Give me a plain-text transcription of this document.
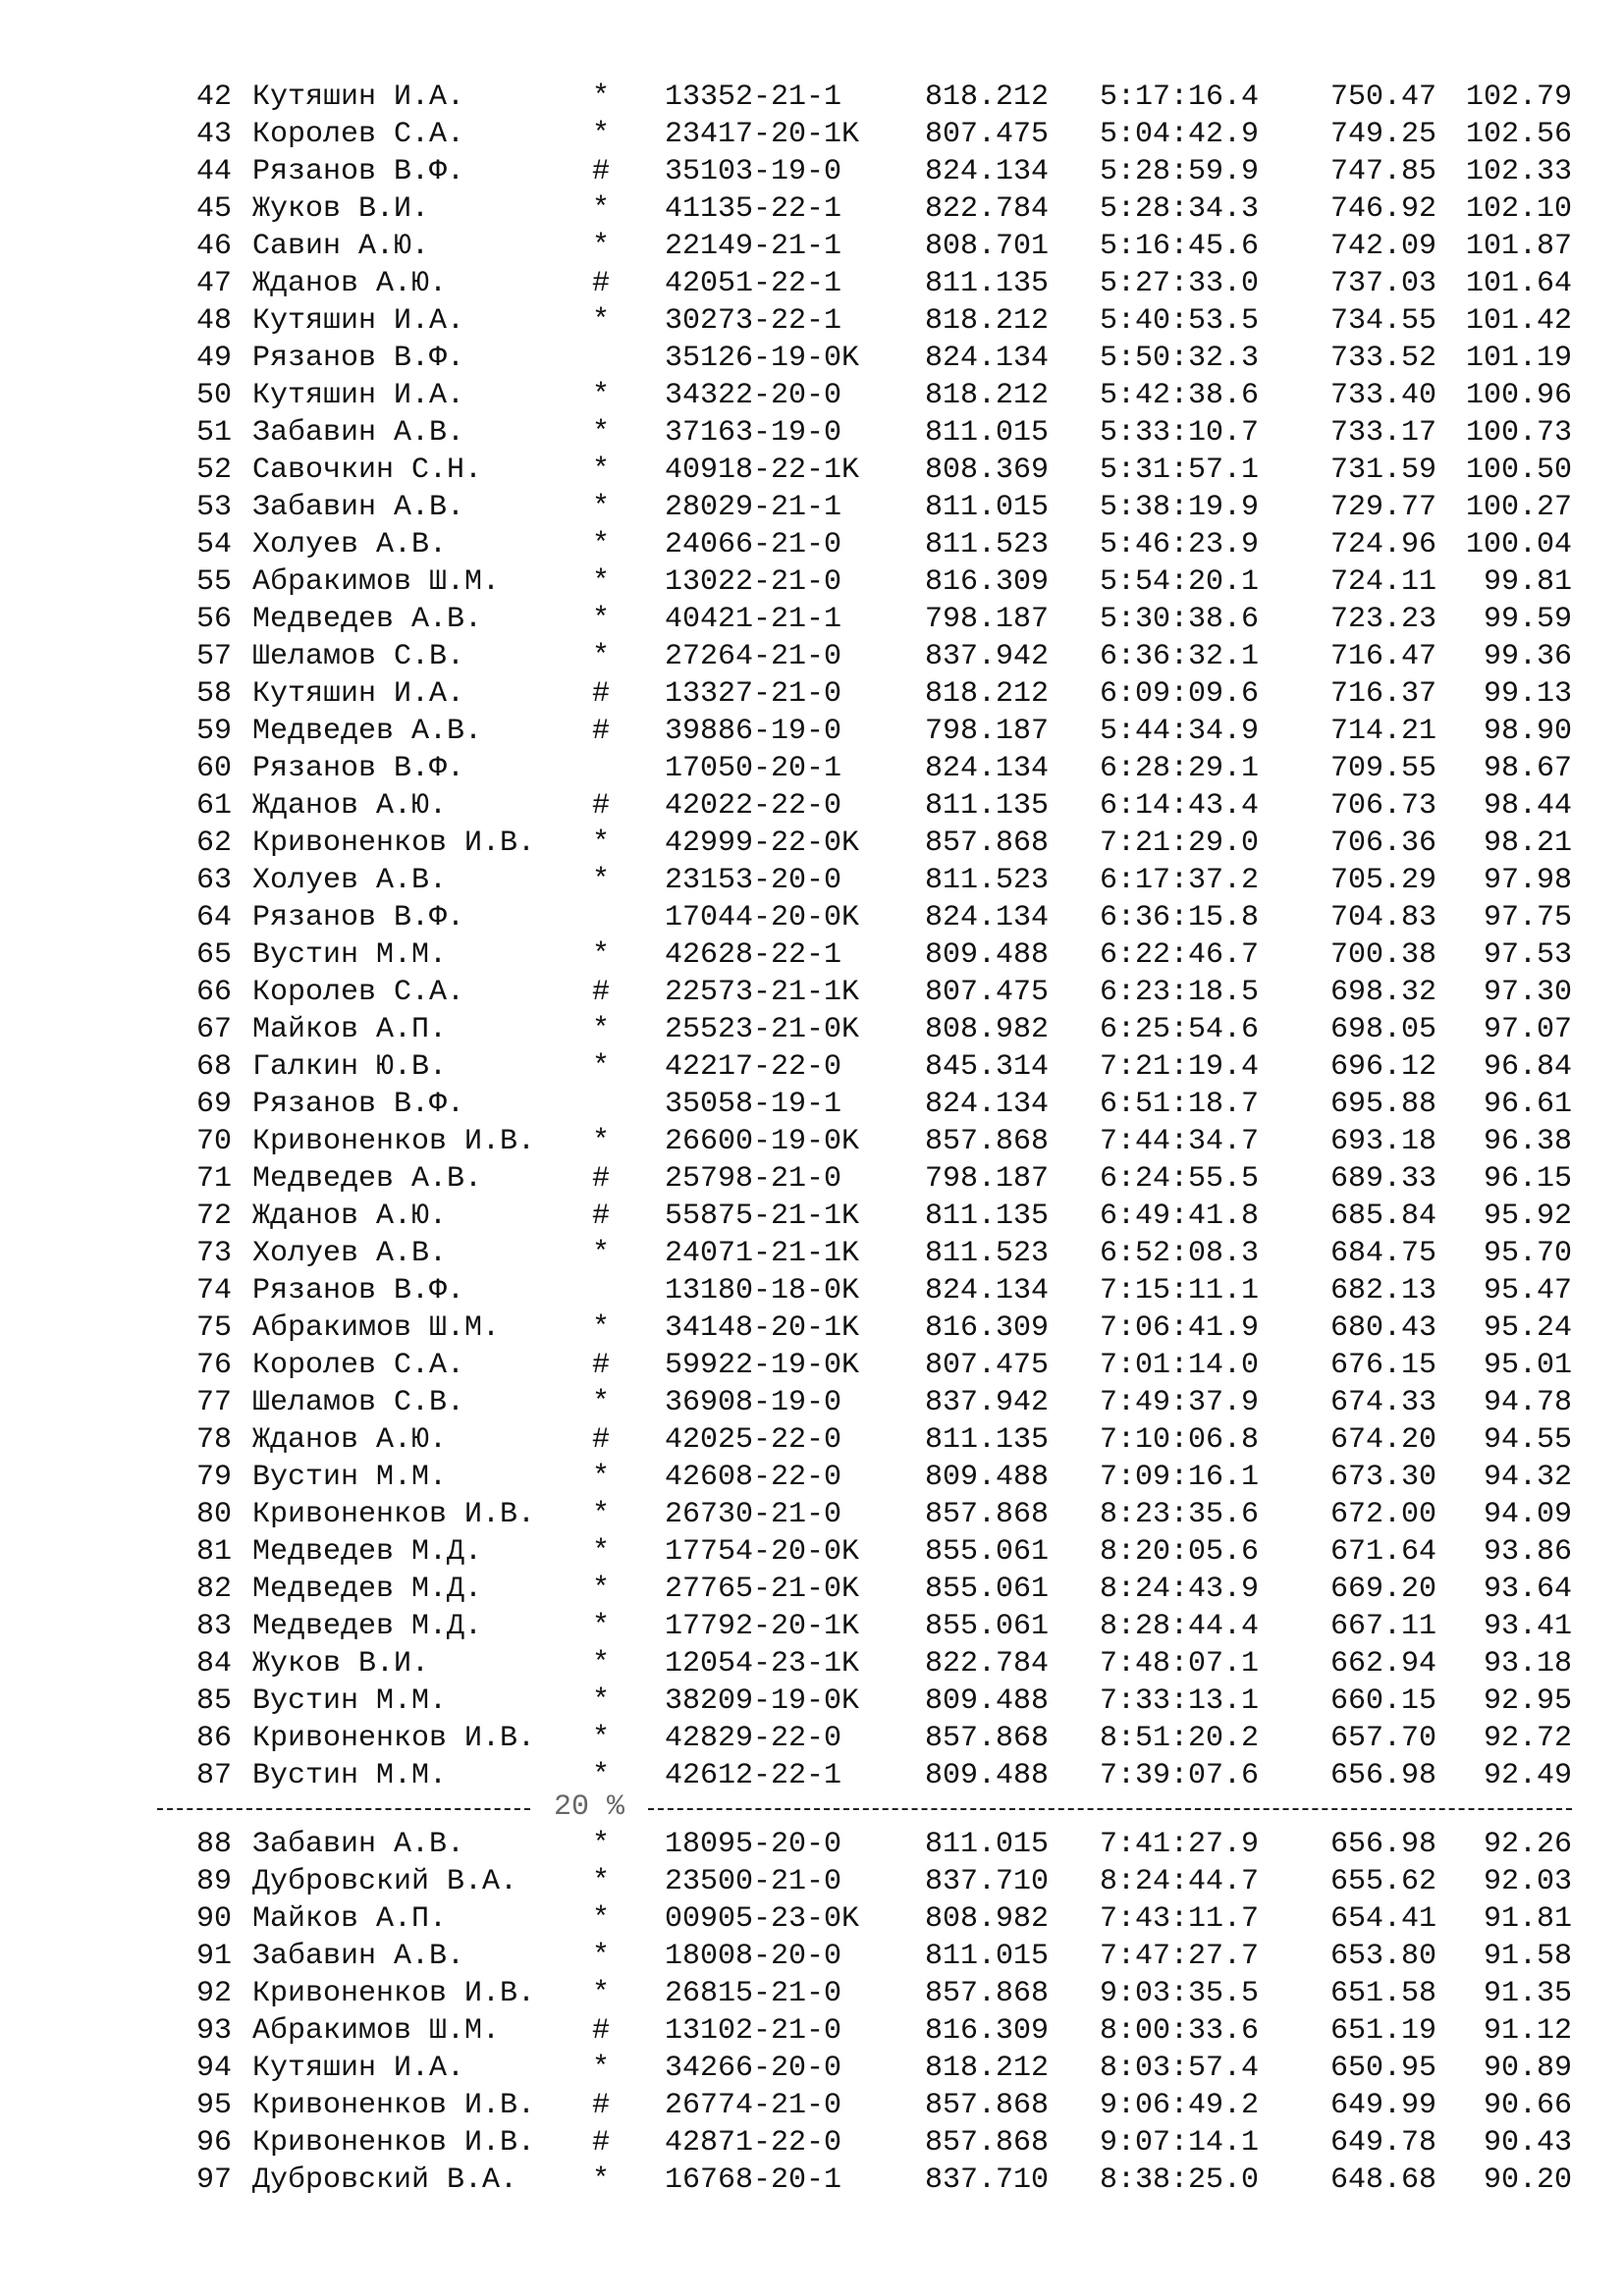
42 Кутяшин И.А.	* 13352-21-1	818.212 5:17:16.4	750.47 102.79
43 Королев С.А.	* 23417-20-1K 807.475 5:04:42.9	749.25 102.56
44 Рязанов В.Ф.	# 35103-19-0	824.134 5:28:59.9	747.85 102.33
45 Жуков В.И.	* 41135-22-1	822.784 5:28:34.3	746.92 102.10
46 Савин А.Ю.	* 22149-21-1	808.701 5:16:45.6	742.09 101.87
47 Жданов А.Ю.	# 42051-22-1	811.135 5:27:33.0	737.03 101.64
48 Кутяшин И.А.	* 30273-22-1	818.212 5:40:53.5	734.55 101.42
49 Рязанов В.Ф.	35126-19-0K 824.134 5:50:32.3	733.52 101.19
50 Кутяшин И.А.	* 34322-20-0	818.212 5:42:38.6	733.40 100.96
51 Забавин А.В.	* 37163-19-0	811.015 5:33:10.7	733.17 100.73
52 Савочкин С.Н.	* 40918-22-1K 808.369 5:31:57.1	731.59 100.50
53 Забавин А.В.	* 28029-21-1	811.015 5:38:19.9	729.77 100.27
54 Холуев А.В.	* 24066-21-0	811.523 5:46:23.9	724.96 100.04
55 Абракимов Ш.М.	* 13022-21-0	816.309 5:54:20.1	724.11	99.81
56 Медведев А.В.	* 40421-21-1	798.187 5:30:38.6	723.23	99.59
57 Шеламов С.В.	* 27264-21-0	837.942 6:36:32.1	716.47	99.36
58 Кутяшин И.А.	# 13327-21-0	818.212 6:09:09.6	716.37	99.13
59 Медведев А.В.	# 39886-19-0	798.187 5:44:34.9	714.21	98.90
60 Рязанов В.Ф.	17050-20-1	824.134 6:28:29.1	709.55	98.67
61 Жданов А.Ю.	# 42022-22-0	811.135 6:14:43.4	706.73	98.44
62 Кривоненков И.В. * 42999-22-0K 857.868 7:21:29.0	706.36	98.21
63 Холуев А.В.	* 23153-20-0	811.523 6:17:37.2	705.29	97.98
64 Рязанов В.Ф.	17044-20-0K 824.134 6:36:15.8	704.83	97.75
65 Вустин М.М.	* 42628-22-1	809.488 6:22:46.7	700.38	97.53
66 Королев С.А.	# 22573-21-1K 807.475 6:23:18.5	698.32	97.30
67 Майков А.П.	* 25523-21-0K 808.982 6:25:54.6	698.05	97.07
68 Галкин Ю.В.	* 42217-22-0	845.314 7:21:19.4	696.12	96.84
69 Рязанов В.Ф.	35058-19-1	824.134 6:51:18.7	695.88	96.61
70 Кривоненков И.В. * 26600-19-0K 857.868 7:44:34.7	693.18	96.38
71 Медведев А.В.	# 25798-21-0	798.187 6:24:55.5	689.33	96.15
72 Жданов А.Ю.	# 55875-21-1K 811.135 6:49:41.8	685.84	95.92
73 Холуев А.В.	* 24071-21-1K 811.523 6:52:08.3	684.75	95.70
74 Рязанов В.Ф.	13180-18-0K 824.134 7:15:11.1	682.13	95.47
75 Абракимов Ш.М.	* 34148-20-1K 816.309 7:06:41.9	680.43	95.24
76 Королев С.А.	# 59922-19-0K 807.475 7:01:14.0	676.15	95.01
77 Шеламов С.В.	* 36908-19-0	837.942 7:49:37.9	674.33	94.78
78 Жданов А.Ю.	# 42025-22-0	811.135 7:10:06.8	674.20	94.55
79 Вустин М.М.	* 42608-22-0	809.488 7:09:16.1	673.30	94.32
80 Кривоненков И.В. * 26730-21-0	857.868 8:23:35.6	672.00	94.09
81 Медведев М.Д.	* 17754-20-0K 855.061 8:20:05.6	671.64	93.86
82 Медведев М.Д.	* 27765-21-0K 855.061 8:24:43.9	669.20	93.64
83 Медведев М.Д.	* 17792-20-1K 855.061 8:28:44.4	667.11	93.41
84 Жуков В.И.	* 12054-23-1K 822.784 7:48:07.1	662.94	93.18
85 Вустин М.М.	* 38209-19-0K 809.488 7:33:13.1	660.15	92.95
86 Кривоненков И.В. * 42829-22-0	857.868 8:51:20.2	657.70	92.72
87 Вустин М.М.	* 42612-22-1	809.488 7:39:07.6	656.98	92.49
88 Забавин А.В.	* 18095-20-0	811.015 7:41:27.9	656.98	92.26
89 Дубровский В.А.	* 23500-21-0	837.710 8:24:44.7	655.62	92.03
90 Майков А.П.	* 00905-23-0K 808.982 7:43:11.7	654.41	91.81
91 Забавин А.В.	* 18008-20-0	811.015 7:47:27.7	653.80	91.58
92 Кривоненков И.В. * 26815-21-0	857.868 9:03:35.5	651.58	91.35
93 Абракимов Ш.М.	# 13102-21-0	816.309 8:00:33.6	651.19	91.12
94 Кутяшин И.А.	* 34266-20-0	818.212 8:03:57.4	650.95	90.89
95 Кривоненков И.В. # 26774-21-0	857.868 9:06:49.2	649.99	90.66
96 Кривоненков И.В. # 42871-22-0	857.868 9:07:14.1	649.78	90.43
97 Дубровский В.А.	* 16768-20-1	837.710 8:38:25.0	648.68	90.20
20 %
